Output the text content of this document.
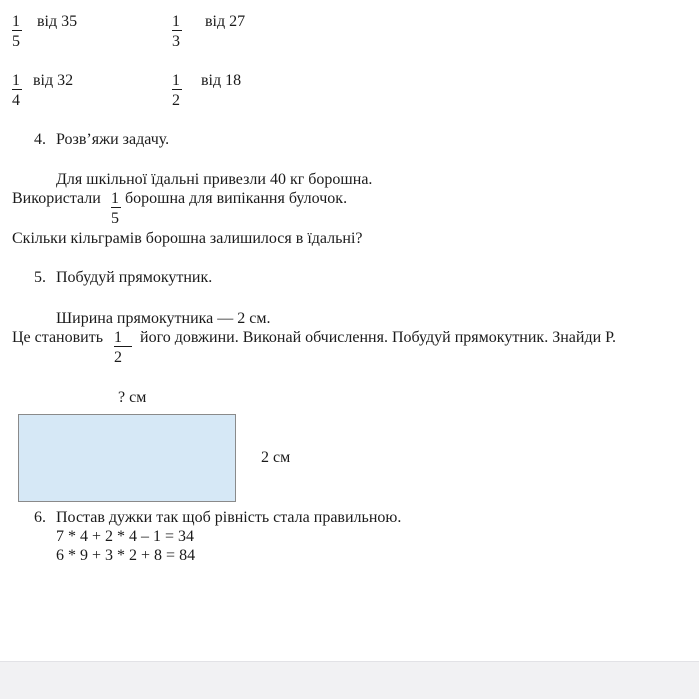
1
5
від 35	1
3
від 27
1
4
від 32	1
2
від 18
4. Розв’яжи задачу.
Для шкільної їдальні привезли 40 кг борошна.
Використали 1
5
борошна для випікання булочок.
Скільки кільграмів борошна залишилося в їдальні?
5. Побудуй прямокутник.
Ширина прямокутника — 2 см.
Це становить 1
2
його довжини. Виконай обчислення. Побудуй прямокутник. Знайди Р.
? см
2 см
6. Постав дужки так щоб рівність стала правильною.
7 * 4 + 2 * 4 – 1 = 34
6 * 9 + 3 * 2 + 8 = 84
